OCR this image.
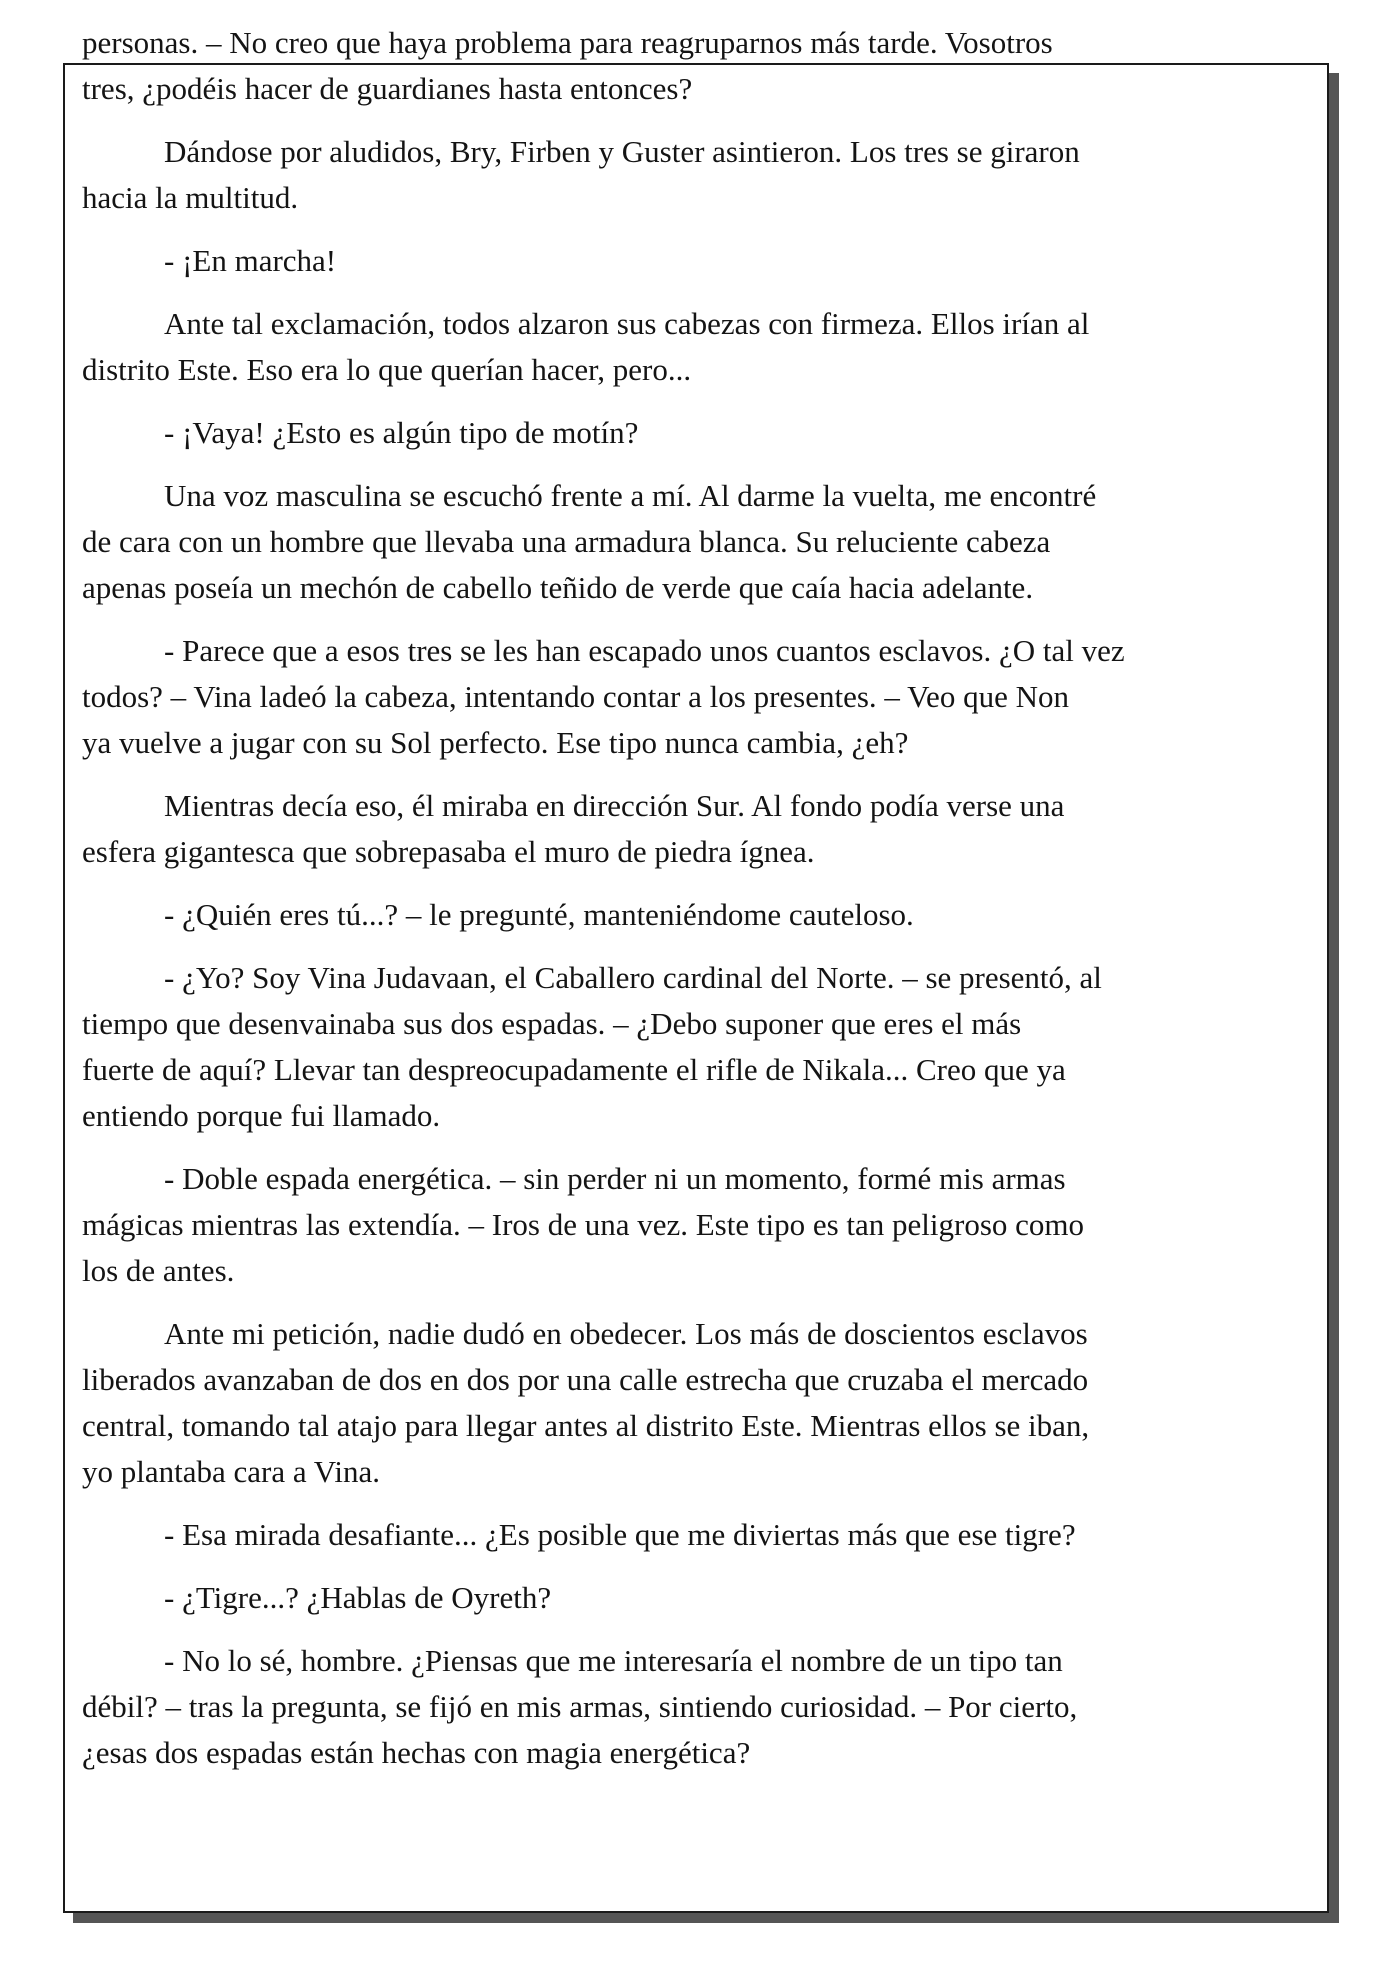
personas. – No creo que haya problema para reagruparnos más tarde. Vosotros
tres, ¿podéis hacer de guardianes hasta entonces?

Dándose por aludidos, Bry, Firben y Guster asintieron. Los tres se giraron
hacia la multitud.

- ¡En marcha!

Ante tal exclamación, todos alzaron sus cabezas con firmeza. Ellos irían al
distrito Este. Eso era lo que querían hacer, pero...

- ¡Vaya! ¿Esto es algún tipo de motín?

Una voz masculina se escuchó frente a mí. Al darme la vuelta, me encontré
de cara con un hombre que llevaba una armadura blanca. Su reluciente cabeza
apenas poseía un mechón de cabello teñido de verde que caía hacia adelante.

- Parece que a esos tres se les han escapado unos cuantos esclavos. ¿O tal vez
todos? – Vina ladeó la cabeza, intentando contar a los presentes. – Veo que Non
ya vuelve a jugar con su Sol perfecto. Ese tipo nunca cambia, ¿eh?

Mientras decía eso, él miraba en dirección Sur. Al fondo podía verse una
esfera gigantesca que sobrepasaba el muro de piedra ígnea.

- ¿Quién eres tú...? – le pregunté, manteniéndome cauteloso.

- ¿Yo? Soy Vina Judavaan, el Caballero cardinal del Norte. – se presentó, al
tiempo que desenvainaba sus dos espadas. – ¿Debo suponer que eres el más
fuerte de aquí? Llevar tan despreocupadamente el rifle de Nikala... Creo que ya
entiendo porque fui llamado.

- Doble espada energética. – sin perder ni un momento, formé mis armas
mágicas mientras las extendía. – Iros de una vez. Este tipo es tan peligroso como
los de antes.

Ante mi petición, nadie dudó en obedecer. Los más de doscientos esclavos
liberados avanzaban de dos en dos por una calle estrecha que cruzaba el mercado
central, tomando tal atajo para llegar antes al distrito Este. Mientras ellos se iban,
yo plantaba cara a Vina.

- Esa mirada desafiante... ¿Es posible que me diviertas más que ese tigre?

- ¿Tigre...? ¿Hablas de Oyreth?

- No lo sé, hombre. ¿Piensas que me interesaría el nombre de un tipo tan
débil? – tras la pregunta, se fijó en mis armas, sintiendo curiosidad. – Por cierto,
¿esas dos espadas están hechas con magia energética?
